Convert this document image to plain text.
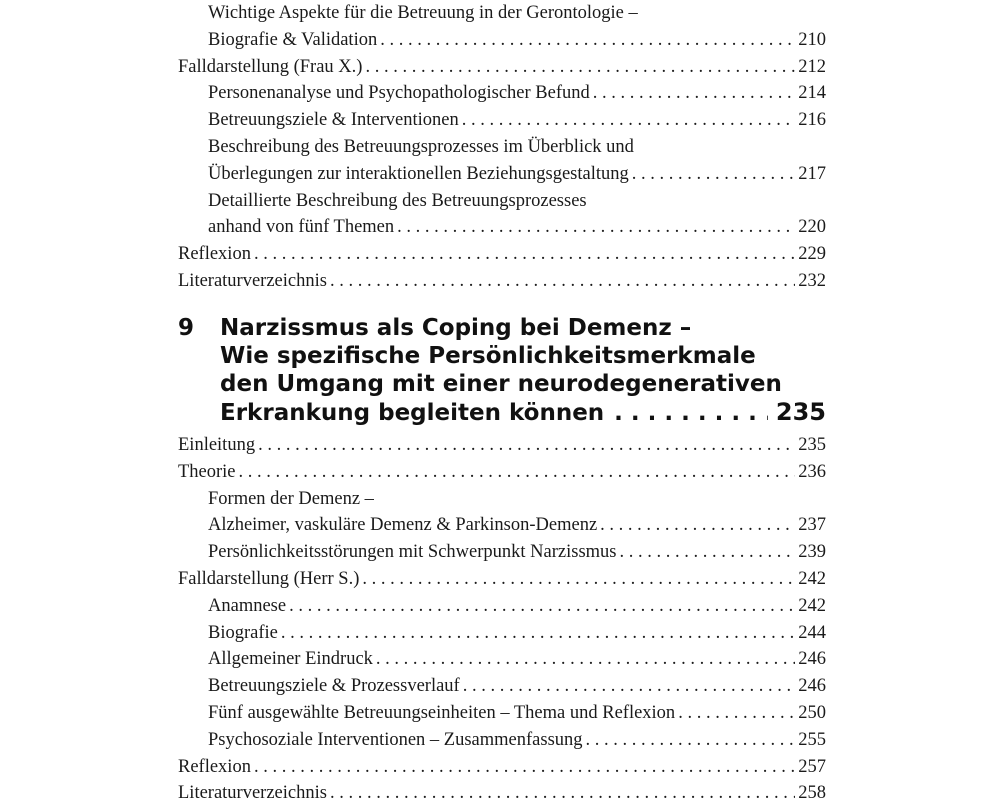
Wichtige Aspekte für die Betreuung in der Gerontologie –
Biografie & Validation . . .	210
Falldarstellung (Frau X.) . . .	212
Personenanalyse und Psychopathologischer Befund . . .	214
Betreuungsziele & Interventionen . . .	216
Beschreibung des Betreuungsprozesses im Überblick und
Überlegungen zur interaktionellen Beziehungsgestaltung . . .	217
Detaillierte Beschreibung des Betreuungsprozesses
anhand von fünf Themen . . .	220
Reflexion . . .	229
Literaturverzeichnis . . .	232
9 Narzissmus als Coping bei Demenz –
Wie spezifische Persönlichkeitsmerkmale
den Umgang mit einer neurodegenerativen
Erkrankung begleiten können . . .	235
Einleitung . . .	235
Theorie . . .	236
Formen der Demenz –
Alzheimer, vaskuläre Demenz & Parkinson-Demenz . . .	237
Persönlichkeitsstörungen mit Schwerpunkt Narzissmus . . .	239
Falldarstellung (Herr S.) . . .	242
Anamnese . . .	242
Biografie . . .	244
Allgemeiner Eindruck . . .	246
Betreuungsziele & Prozessverlauf . . .	246
Fünf ausgewählte Betreuungseinheiten – Thema und Reflexion . . .	250
Psychosoziale Interventionen – Zusammenfassung . . .	255
Reflexion . . .	257
Literaturverzeichnis . . .	258
